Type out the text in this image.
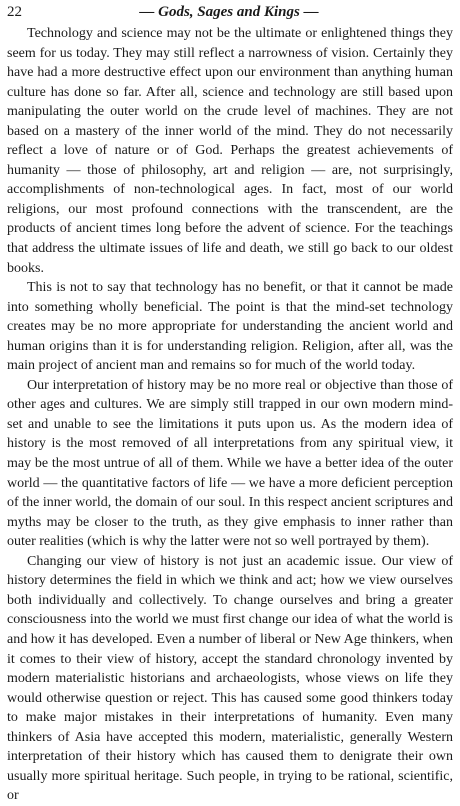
22	— Gods, Sages and Kings —

Technology and science may not be the ultimate or enlightened things they seem for us today. They may still reflect a narrowness of vision. Certainly they have had a more destructive effect upon our environment than anything human culture has done so far. After all, science and technology are still based upon manipulating the outer world on the crude level of machines. They are not based on a mastery of the inner world of the mind. They do not necessarily reflect a love of nature or of God. Perhaps the greatest achievements of humanity — those of philosophy, art and religion — are, not surprisingly, accomplishments of non-technological ages. In fact, most of our world religions, our most profound connections with the transcendent, are the products of ancient times long before the advent of science. For the teachings that address the ultimate issues of life and death, we still go back to our oldest books.

This is not to say that technology has no benefit, or that it cannot be made into something wholly beneficial. The point is that the mind-set technology creates may be no more appropriate for understanding the ancient world and human origins than it is for understanding religion. Religion, after all, was the main project of ancient man and remains so for much of the world today.

Our interpretation of history may be no more real or objective than those of other ages and cultures. We are simply still trapped in our own modern mind-set and unable to see the limitations it puts upon us. As the modern idea of history is the most removed of all interpretations from any spiritual view, it may be the most untrue of all of them. While we have a better idea of the outer world — the quantitative factors of life — we have a more deficient perception of the inner world, the domain of our soul. In this respect ancient scriptures and myths may be closer to the truth, as they give emphasis to inner rather than outer realities (which is why the latter were not so well portrayed by them).

Changing our view of history is not just an academic issue. Our view of history determines the field in which we think and act; how we view ourselves both individually and collectively. To change ourselves and bring a greater consciousness into the world we must first change our idea of what the world is and how it has developed. Even a number of liberal or New Age thinkers, when it comes to their view of history, accept the standard chronology invented by modern materialistic historians and archaeologists, whose views on life they would otherwise question or reject. This has caused some good thinkers today to make major mistakes in their interpretations of humanity. Even many thinkers of Asia have accepted this modern, materialistic, generally Western interpretation of their history which has caused them to denigrate their own usually more spiritual heritage. Such people, in trying to be rational, scientific, or
